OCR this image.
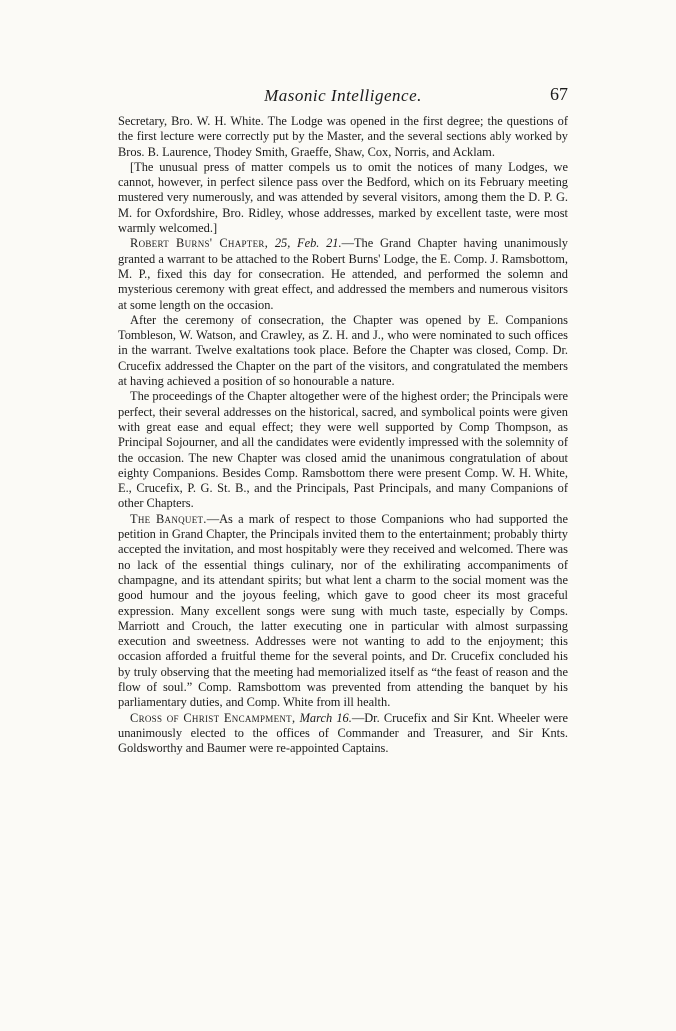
Masonic Intelligence.	67

Secretary, Bro. W. H. White. The Lodge was opened in the first degree; the questions of the first lecture were correctly put by the Master, and the several sections ably worked by Bros. B. Laurence, Thodey Smith, Graeffe, Shaw, Cox, Norris, and Acklam.

[The unusual press of matter compels us to omit the notices of many Lodges, we cannot, however, in perfect silence pass over the Bedford, which on its February meeting mustered very numerously, and was attended by several visitors, among them the D. P. G. M. for Oxfordshire, Bro. Ridley, whose addresses, marked by excellent taste, were most warmly welcomed.]

Robert Burns' Chapter, 25, Feb. 21.—The Grand Chapter having unanimously granted a warrant to be attached to the Robert Burns' Lodge, the E. Comp. J. Ramsbottom, M. P., fixed this day for consecration. He attended, and performed the solemn and mysterious ceremony with great effect, and addressed the members and numerous visitors at some length on the occasion.

After the ceremony of consecration, the Chapter was opened by E. Companions Tombleson, W. Watson, and Crawley, as Z. H. and J., who were nominated to such offices in the warrant. Twelve exaltations took place. Before the Chapter was closed, Comp. Dr. Crucefix addressed the Chapter on the part of the visitors, and congratulated the members at having achieved a position of so honourable a nature.

The proceedings of the Chapter altogether were of the highest order; the Principals were perfect, their several addresses on the historical, sacred, and symbolical points were given with great ease and equal effect; they were well supported by Comp Thompson, as Principal Sojourner, and all the candidates were evidently impressed with the solemnity of the occasion. The new Chapter was closed amid the unanimous congratulation of about eighty Companions. Besides Comp. Ramsbottom there were present Comp. W. H. White, E., Crucefix, P. G. St. B., and the Principals, Past Principals, and many Companions of other Chapters.

The Banquet.—As a mark of respect to those Companions who had supported the petition in Grand Chapter, the Principals invited them to the entertainment; probably thirty accepted the invitation, and most hospitably were they received and welcomed. There was no lack of the essential things culinary, nor of the exhilirating accompaniments of champagne, and its attendant spirits; but what lent a charm to the social moment was the good humour and the joyous feeling, which gave to good cheer its most graceful expression. Many excellent songs were sung with much taste, especially by Comps. Marriott and Crouch, the latter executing one in particular with almost surpassing execution and sweetness. Addresses were not wanting to add to the enjoyment; this occasion afforded a fruitful theme for the several points, and Dr. Crucefix concluded his by truly observing that the meeting had memorialized itself as “the feast of reason and the flow of soul.” Comp. Ramsbottom was prevented from attending the banquet by his parliamentary duties, and Comp. White from ill health.

Cross of Christ Encampment, March 16.—Dr. Crucefix and Sir Knt. Wheeler were unanimously elected to the offices of Commander and Treasurer, and Sir Knts. Goldsworthy and Baumer were re-appointed Captains.
